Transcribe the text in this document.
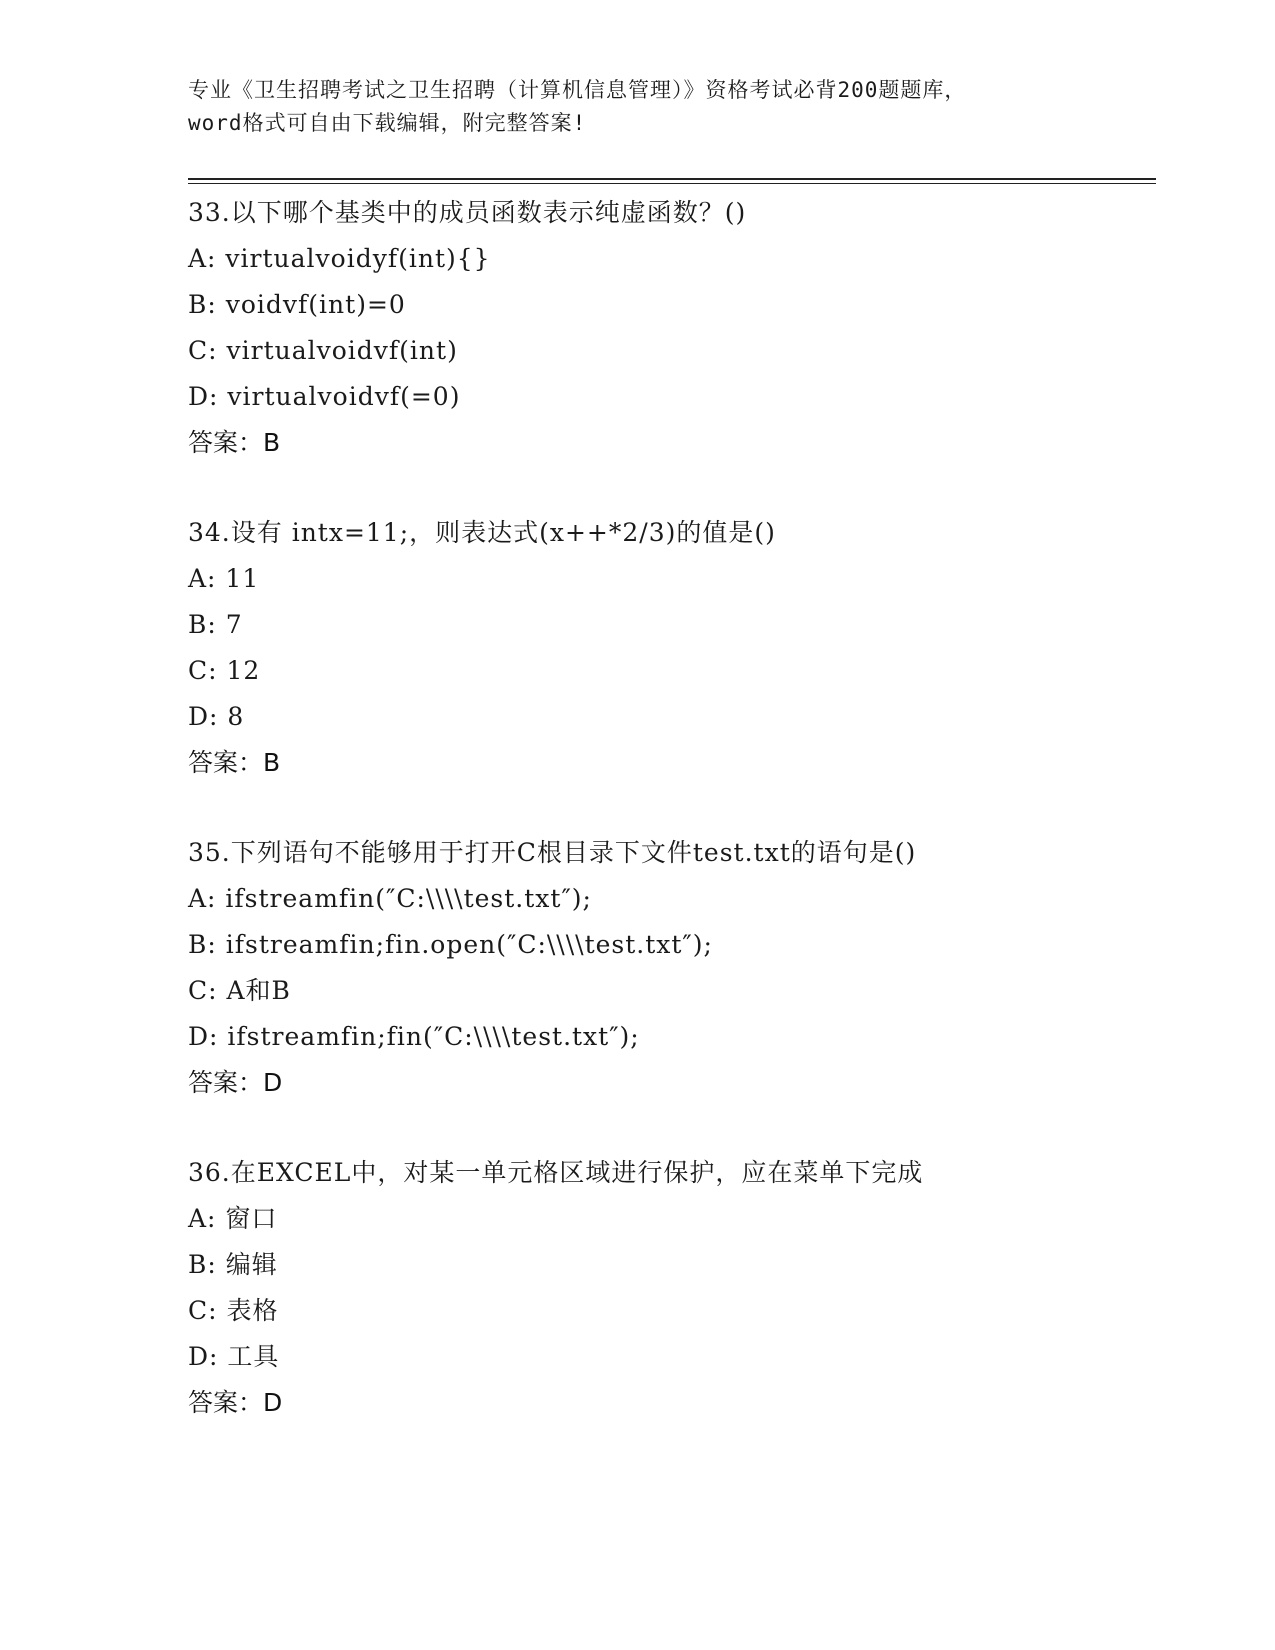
专业《卫生招聘考试之卫生招聘（计算机信息管理）》资格考试必背200题题库，
word格式可自由下载编辑，附完整答案!
33.以下哪个基类中的成员函数表示纯虚函数？()
A: virtualvoidyf(int){}
B: voidvf(int)=0
C: virtualvoidvf(int)
D: virtualvoidvf(=0)
答案：B
34.设有 intx=11;，则表达式(x++*2/3)的值是()
A: 11
B: 7
C: 12
D: 8
答案：B
35.下列语句不能够用于打开C根目录下文件test.txt的语句是()
A: ifstreamfin(″C:\\\\test.txt″);
B: ifstreamfin;fin.open(″C:\\\\test.txt″);
C: A和B
D: ifstreamfin;fin(″C:\\\\test.txt″);
答案：D
36.在EXCEL中，对某一单元格区域进行保护，应在菜单下完成
A: 窗口
B: 编辑
C: 表格
D: 工具
答案：D
